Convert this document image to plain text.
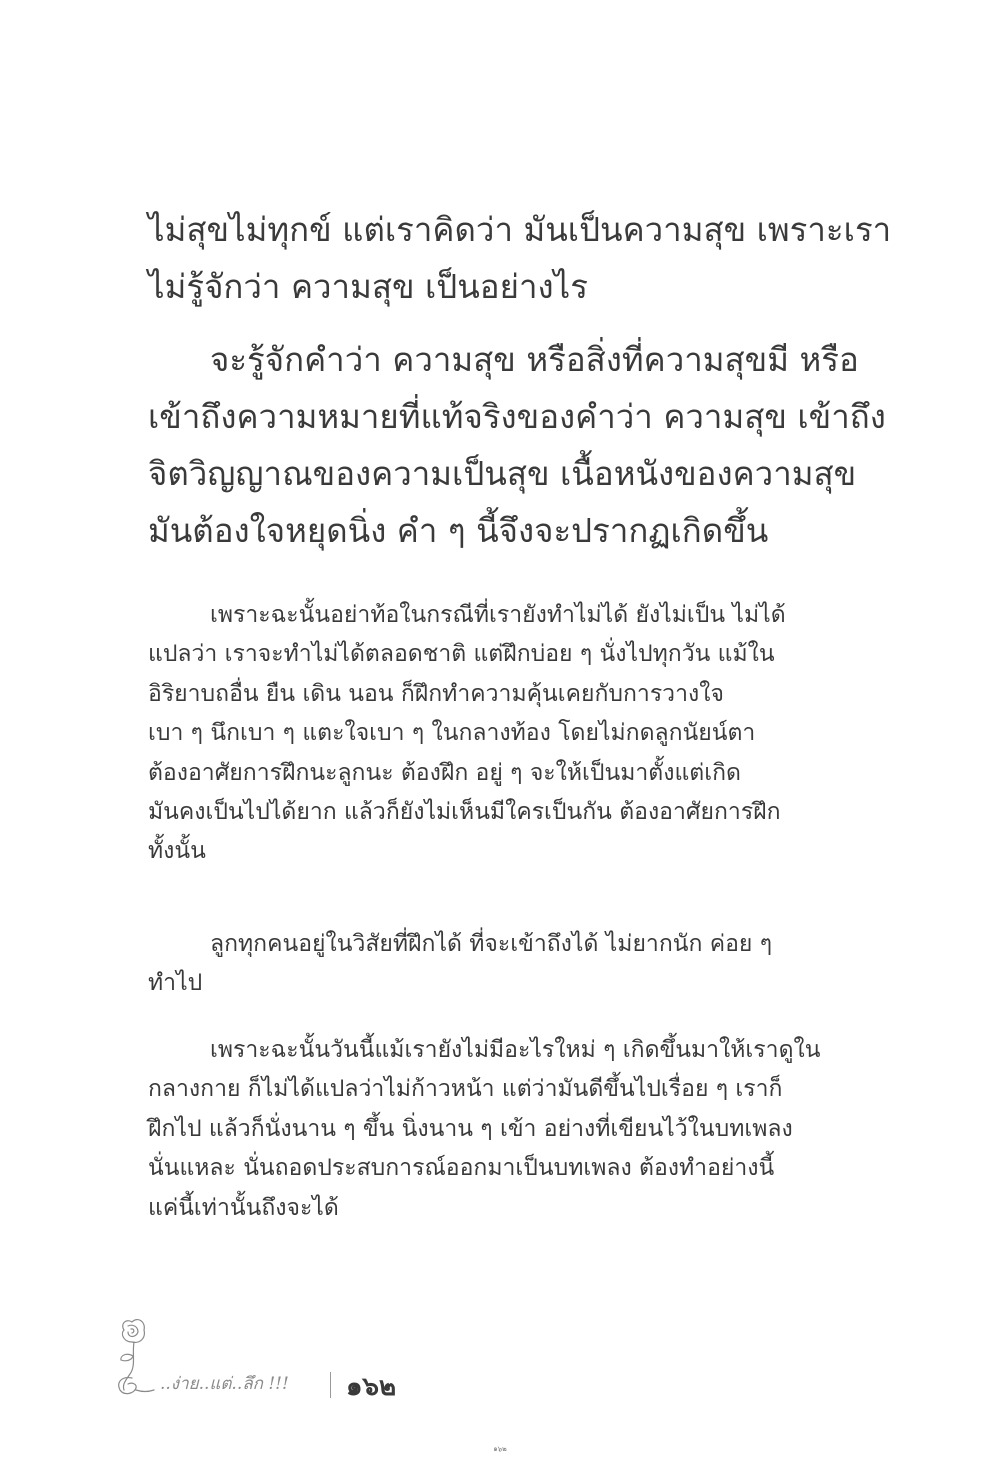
ไม่สุขไม่ทุกข์ แต่เราคิดว่า มันเป็นความสุข เพราะเรา
ไม่รู้จักว่า ความสุข เป็นอย่างไร

จะรู้จักคำว่า ความสุข หรือสิ่งที่ความสุขมี หรือ
เข้าถึงความหมายที่แท้จริงของคำว่า ความสุข เข้าถึง
จิตวิญญาณของความเป็นสุข เนื้อหนังของความสุข
มันต้องใจหยุดนิ่ง คำ ๆ นี้จึงจะปรากฏเกิดขึ้น

เพราะฉะนั้นอย่าท้อในกรณีที่เรายังทำไม่ได้ ยังไม่เป็น ไม่ได้
แปลว่า เราจะทำไม่ได้ตลอดชาติ แต่ฝึกบ่อย ๆ นั่งไปทุกวัน แม้ใน
อิริยาบถอื่น ยืน เดิน นอน ก็ฝึกทำความคุ้นเคยกับการวางใจ
เบา ๆ นึกเบา ๆ แตะใจเบา ๆ ในกลางท้อง โดยไม่กดลูกนัยน์ตา
ต้องอาศัยการฝึกนะลูกนะ ต้องฝึก อยู่ ๆ จะให้เป็นมาตั้งแต่เกิด
มันคงเป็นไปได้ยาก แล้วก็ยังไม่เห็นมีใครเป็นกัน ต้องอาศัยการฝึก
ทั้งนั้น

ลูกทุกคนอยู่ในวิสัยที่ฝึกได้ ที่จะเข้าถึงได้ ไม่ยากนัก ค่อย ๆ
ทำไป

เพราะฉะนั้นวันนี้แม้เรายังไม่มีอะไรใหม่ ๆ เกิดขึ้นมาให้เราดูใน
กลางกาย ก็ไม่ได้แปลว่าไม่ก้าวหน้า แต่ว่ามันดีขึ้นไปเรื่อย ๆ เราก็
ฝึกไป แล้วก็นั่งนาน ๆ ขึ้น นิ่งนาน ๆ เข้า อย่างที่เขียนไว้ในบทเพลง
นั่นแหละ นั่นถอดประสบการณ์ออกมาเป็นบทเพลง ต้องทำอย่างนี้
แค่นี้เท่านั้นถึงจะได้

..ง่าย..แต่..ลึก !!! ๑๖๒
๑๖๒
